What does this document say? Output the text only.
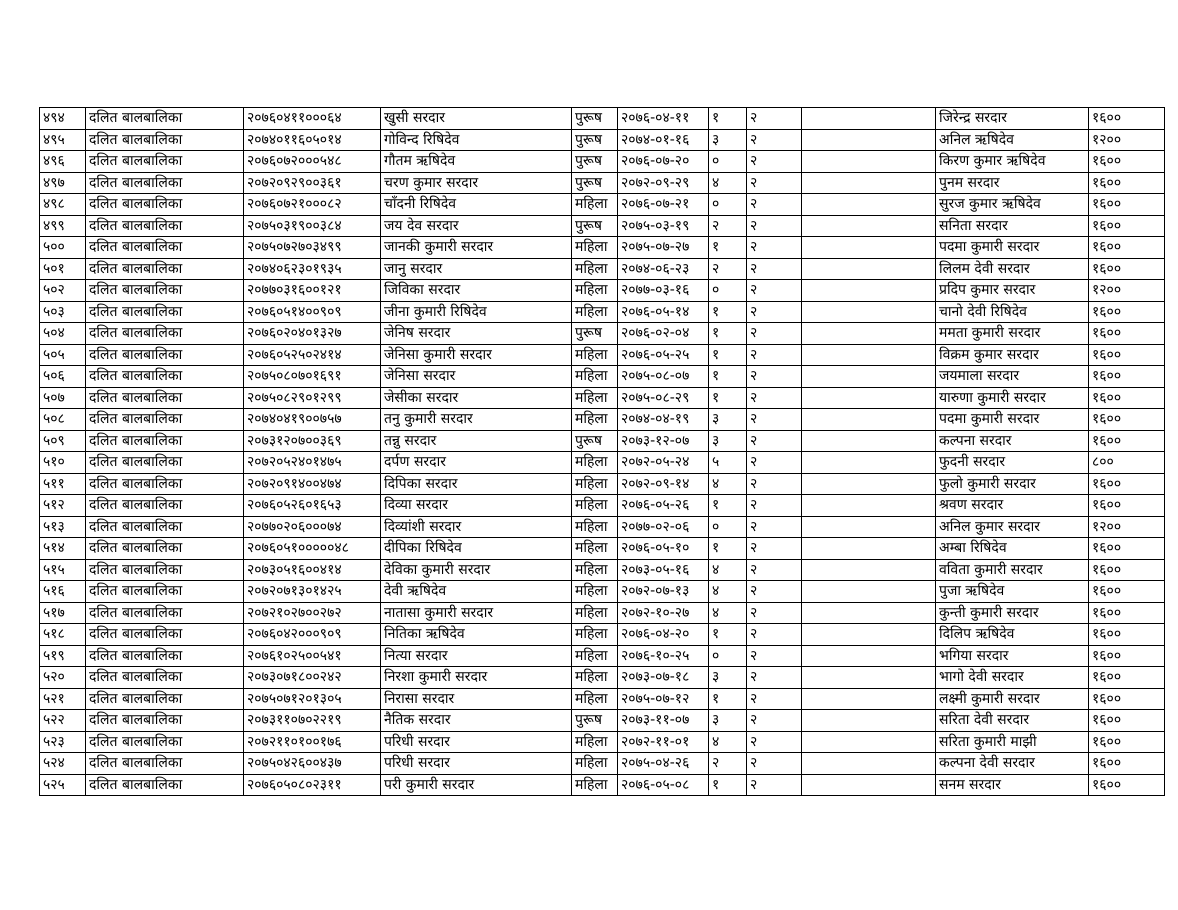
४९४	दलित बालबालिका	२०७६०४११०००६४	खुसी सरदार	पुरूष	२०७६-०४-११	१	२		जिरेन्द्र सरदार	१६००
४९५	दलित बालबालिका	२०७४०११६०५०१४	गोविन्द रिषिदेव	पुरूष	२०७४-०१-१६	३	२		अनिल ऋषिदेव	१२००
४९६	दलित बालबालिका	२०७६०७२०००५४८	गौतम ऋषिदेव	पुरूष	२०७६-०७-२०	०	२		किरण कुमार ऋषिदेव	१६००
४९७	दलित बालबालिका	२०७२०९२९००३६१	चरण कुमार सरदार	पुरूष	२०७२-०९-२९	४	२		पुनम सरदार	१६००
४९८	दलित बालबालिका	२०७६०७२१०००८२	चाँदनी रिषिदेव	महिला	२०७६-०७-२१	०	२		सुरज कुमार ऋषिदेव	१६००
४९९	दलित बालबालिका	२०७५०३१९००३८४	जय देव सरदार	पुरूष	२०७५-०३-१९	२	२		सनिता सरदार	१६००
५००	दलित बालबालिका	२०७५०७२७०३४९९	जानकी कुमारी सरदार	महिला	२०७५-०७-२७	१	२		पदमा कुमारी सरदार	१६००
५०१	दलित बालबालिका	२०७४०६२३०१९३५	जानु सरदार	महिला	२०७४-०६-२३	२	२		लिलम देवी सरदार	१६००
५०२	दलित बालबालिका	२०७७०३१६००१२१	जिविका सरदार	महिला	२०७७-०३-१६	०	२		प्रदिप कुमार सरदार	१२००
५०३	दलित बालबालिका	२०७६०५१४००९०९	जीना कुमारी रिषिदेव	महिला	२०७६-०५-१४	१	२		चानो देवी रिषिदेव	१६००
५०४	दलित बालबालिका	२०७६०२०४०१३२७	जेनिष सरदार	पुरूष	२०७६-०२-०४	१	२		ममता कुमारी सरदार	१६००
५०५	दलित बालबालिका	२०७६०५२५०२४१४	जेनिसा कुमारी सरदार	महिला	२०७६-०५-२५	१	२		विक्रम कुमार सरदार	१६००
५०६	दलित बालबालिका	२०७५०८०७०१६९१	जेनिसा सरदार	महिला	२०७५-०८-०७	१	२		जयमाला सरदार	१६००
५०७	दलित बालबालिका	२०७५०८२९०१२९९	जेसीका सरदार	महिला	२०७५-०८-२९	१	२		यारुणा कुमारी सरदार	१६००
५०८	दलित बालबालिका	२०७४०४१९००७५७	तनु कुमारी सरदार	महिला	२०७४-०४-१९	३	२		पदमा कुमारी सरदार	१६००
५०९	दलित बालबालिका	२०७३१२०७००३६९	तन्नु सरदार	पुरूष	२०७३-१२-०७	३	२		कल्पना सरदार	१६००
५१०	दलित बालबालिका	२०७२०५२४०१४७५	दर्पण सरदार	महिला	२०७२-०५-२४	५	२		फुदनी सरदार	८००
५११	दलित बालबालिका	२०७२०९१४००४७४	दिपिका सरदार	महिला	२०७२-०९-१४	४	२		फुलो कुमारी सरदार	१६००
५१२	दलित बालबालिका	२०७६०५२६०१६५३	दिव्या सरदार	महिला	२०७६-०५-२६	१	२		श्रवण सरदार	१६००
५१३	दलित बालबालिका	२०७७०२०६०००७४	दिव्यांशी सरदार	महिला	२०७७-०२-०६	०	२		अनिल कुमार सरदार	१२००
५१४	दलित बालबालिका	२०७६०५१०००००४८	दीपिका रिषिदेव	महिला	२०७६-०५-१०	१	२		अम्बा रिषिदेव	१६००
५१५	दलित बालबालिका	२०७३०५१६००४१४	देविका कुमारी सरदार	महिला	२०७३-०५-१६	४	२		ववि‍ता कुमारी सरदार	१६००
५१६	दलित बालबालिका	२०७२०७१३०१४२५	देवी ऋषिदेव	महिला	२०७२-०७-१३	४	२		पुजा ऋषिदेव	१६००
५१७	दलित बालबालिका	२०७२१०२७००२७२	नातासा कुमारी सरदार	महिला	२०७२-१०-२७	४	२		कुन्ती कुमारी सरदार	१६००
५१८	दलित बालबालिका	२०७६०४२०००९०९	नितिका ऋषिदेव	महिला	२०७६-०४-२०	१	२		दिलिप ऋषिदेव	१६००
५१९	दलित बालबालिका	२०७६१०२५००५४१	नित्या सरदार	महिला	२०७६-१०-२५	०	२		भगिया सरदार	१६००
५२०	दलित बालबालिका	२०७३०७१८००२४२	निरशा कुमारी सरदार	महिला	२०७३-०७-१८	३	२		भागो देवी सरदार	१६००
५२१	दलित बालबालिका	२०७५०७१२०१३०५	निरासा सरदार	महिला	२०७५-०७-१२	१	२		लक्ष्मी कुमारी सरदार	१६००
५२२	दलित बालबालिका	२०७३११०७०२२१९	नैतिक सरदार	पुरूष	२०७३-११-०७	३	२		सरिता देवी सरदार	१६००
५२३	दलित बालबालिका	२०७२११०१००१७६	परिधी सरदार	महिला	२०७२-११-०१	४	२		सरिता कुमारी माझी	१६००
५२४	दलित बालबालिका	२०७५०४२६००४३७	परिधी सरदार	महिला	२०७५-०४-२६	२	२		कल्पना देवी सरदार	१६००
५२५	दलित बालबालिका	२०७६०५०८०२३११	परी कुमारी सरदार	महिला	२०७६-०५-०८	१	२		सनम सरदार	१६००
